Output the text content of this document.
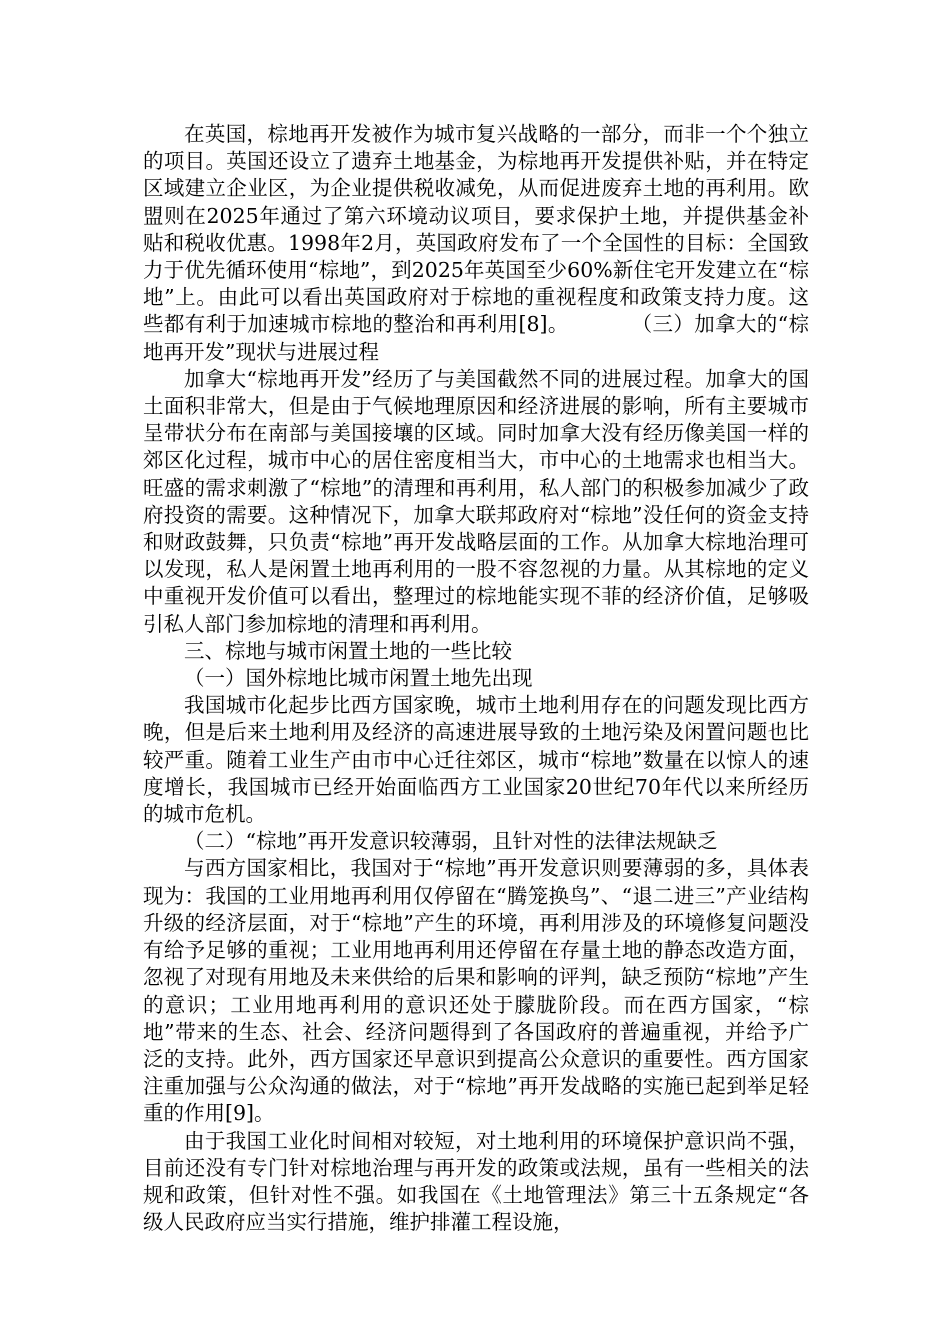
在英国，棕地再开发被作为城市复兴战略的一部分，而非一个个独立的项目。英国还设立了遗弃土地基金，为棕地再开发提供补贴，并在特定区域建立企业区，为企业提供税收减免，从而促进废弃土地的再利用。欧盟则在2025年通过了第六环境动议项目，要求保护土地，并提供基金补贴和税收优惠。1998年2月，英国政府发布了一个全国性的目标：全国致力于优先循环使用“棕地”，到2025年英国至少60%新住宅开发建立在“棕地”上。由此可以看出英国政府对于棕地的重视程度和政策支持力度。这些都有利于加速城市棕地的整治和再利用[8]。　　　　（三）加拿大的“棕地再开发”现状与进展过程

加拿大“棕地再开发”经历了与美国截然不同的进展过程。加拿大的国土面积非常大，但是由于气候地理原因和经济进展的影响，所有主要城市呈带状分布在南部与美国接壤的区域。同时加拿大没有经历像美国一样的郊区化过程，城市中心的居住密度相当大，市中心的土地需求也相当大。旺盛的需求刺激了“棕地”的清理和再利用，私人部门的积极参加减少了政府投资的需要。这种情况下，加拿大联邦政府对“棕地”没任何的资金支持和财政鼓舞，只负责“棕地”再开发战略层面的工作。从加拿大棕地治理可以发现，私人是闲置土地再利用的一股不容忽视的力量。从其棕地的定义中重视开发价值可以看出，整理过的棕地能实现不菲的经济价值，足够吸引私人部门参加棕地的清理和再利用。

三、棕地与城市闲置土地的一些比较

（一）国外棕地比城市闲置土地先出现

我国城市化起步比西方国家晚，城市土地利用存在的问题发现比西方晚，但是后来土地利用及经济的高速进展导致的土地污染及闲置问题也比较严重。随着工业生产由市中心迁往郊区，城市“棕地”数量在以惊人的速度增长，我国城市已经开始面临西方工业国家20世纪70年代以来所经历的城市危机。

（二）“棕地”再开发意识较薄弱，且针对性的法律法规缺乏

与西方国家相比，我国对于“棕地”再开发意识则要薄弱的多，具体表现为：我国的工业用地再利用仅停留在“腾笼换鸟”、“退二进三”产业结构升级的经济层面，对于“棕地”产生的环境，再利用涉及的环境修复问题没有给予足够的重视；工业用地再利用还停留在存量土地的静态改造方面，忽视了对现有用地及未来供给的后果和影响的评判，缺乏预防“棕地”产生的意识；工业用地再利用的意识还处于朦胧阶段。而在西方国家，“棕地”带来的生态、社会、经济问题得到了各国政府的普遍重视，并给予广泛的支持。此外，西方国家还早意识到提高公众意识的重要性。西方国家注重加强与公众沟通的做法，对于“棕地”再开发战略的实施已起到举足轻重的作用[9]。

由于我国工业化时间相对较短，对土地利用的环境保护意识尚不强，目前还没有专门针对棕地治理与再开发的政策或法规，虽有一些相关的法规和政策，但针对性不强。如我国在《土地管理法》第三十五条规定“各级人民政府应当实行措施，维护排灌工程设施，
